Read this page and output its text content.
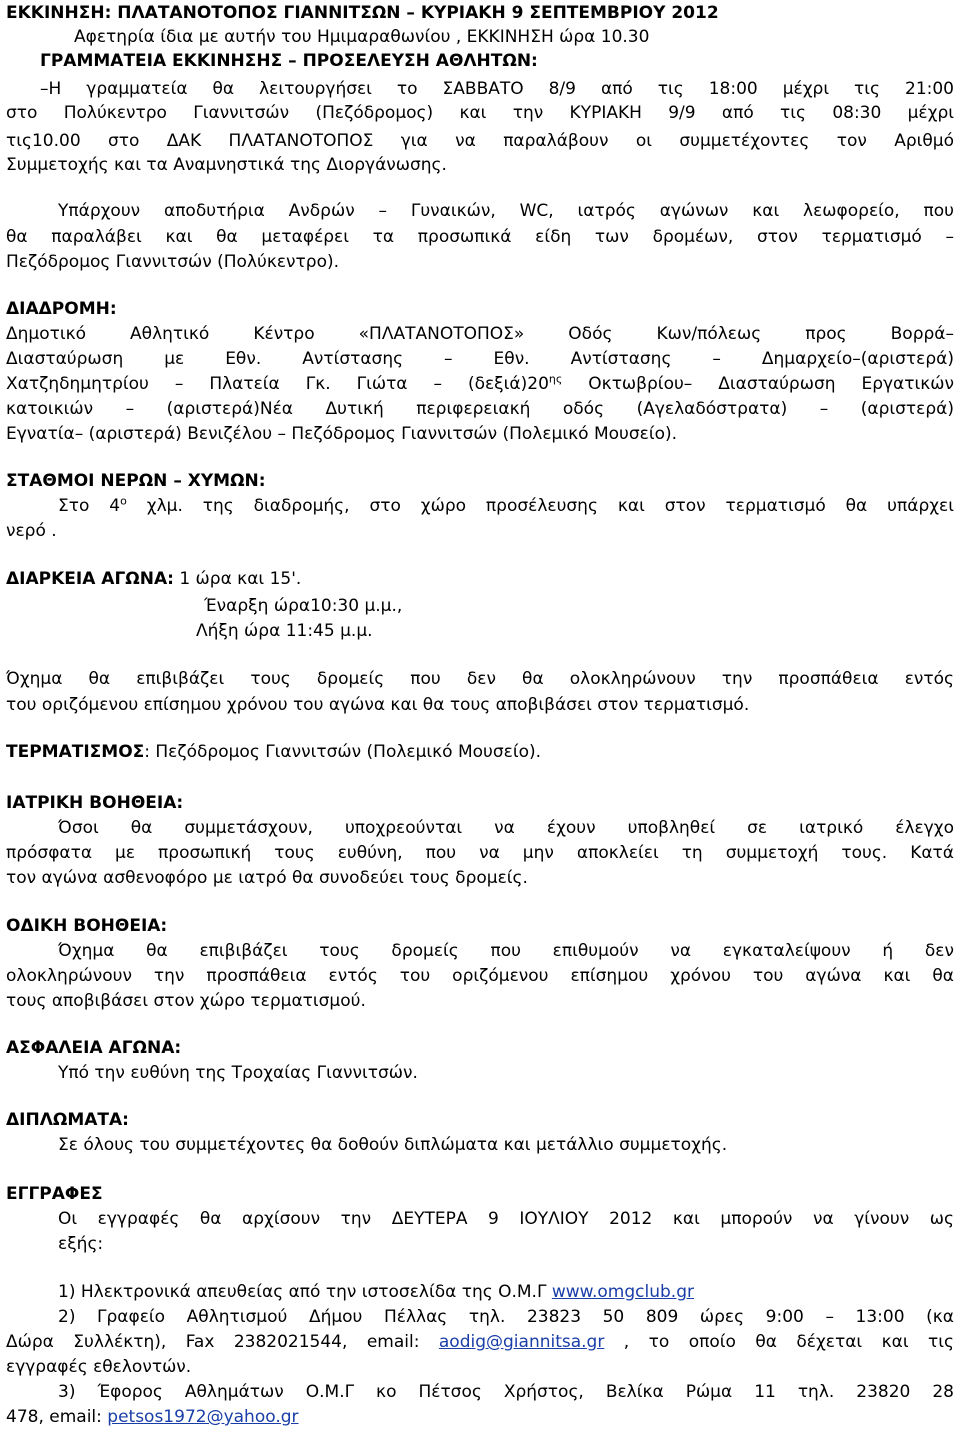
ΕΚΚΙΝΗΣΗ: ΠΛΑΤΑΝΟΤΟΠΟΣ ΓΙΑΝΝΙΤΣΩΝ – ΚΥΡΙΑΚΗ 9 ΣΕΠΤΕΜΒΡΙΟΥ 2012
Αφετηρία ίδια με αυτήν του Ημιμαραθωνίου , ΕΚΚΙΝΗΣΗ ώρα 10.30
ΓΡΑΜΜΑΤΕΙΑ ΕΚΚΙΝΗΣΗΣ – ΠΡΟΣΕΛΕΥΣΗ ΑΘΛΗΤΩΝ:
–Η γραμματεία θα λειτουργήσει το ΣΑΒΒΑΤΟ 8/9 από τις 18:00 μέχρι τις 21:00
στο Πολύκεντρο Γιαννιτσών (Πεζόδρομος) και την ΚΥΡΙΑΚΗ 9/9 από τις 08:30 μέχρι
τις10.00 στο ΔΑΚ ΠΛΑΤΑΝΟΤΟΠΟΣ για να παραλάβουν οι συμμετέχοντες τον Αριθμό
Συμμετοχής και τα Αναμνηστικά της Διοργάνωσης.
Υπάρχουν αποδυτήρια Ανδρών – Γυναικών, WC, ιατρός αγώνων και λεωφορείο, που
θα παραλάβει και θα μεταφέρει τα προσωπικά είδη των δρομέων, στον τερματισμό –
Πεζόδρομος Γιαννιτσών (Πολύκεντρο).
ΔΙΑΔΡΟΜΗ:
Δημοτικό Αθλητικό Κέντρο «ΠΛΑΤΑΝΟΤΟΠΟΣ» Οδός Κων/πόλεως προς Βορρά–
Διασταύρωση με Εθν. Αντίστασης – Εθν. Αντίστασης – Δημαρχείο–(αριστερά)
Χατζηδημητρίου – Πλατεία Γκ. Γιώτα – $(\delta\varepsilon\xi\iota ά)20^{\eta\varsigma}$ Οκτωβρίου– Διασταύρωση Εργατικών
κατοικιών – (αριστερά)Νέα Δυτική περιφερειακή οδός (Αγελαδόστρατα) – (αριστερά)
Εγνατία– (αριστερά) Βενιζέλου – Πεζόδρομος Γιαννιτσών (Πολεμικό Μουσείο).
ΣΤΑΘΜΟΙ ΝΕΡΩΝ – ΧΥΜΩΝ:
Στο $4^o$ χλμ. της διαδρομής, στο χώρο προσέλευσης και στον τερματισμό θα υπάρχει
νερό .
ΔΙΑΡΚΕΙΑ ΑΓΩΝΑ: 1 ώρα και 15'.
Έναρξη ώρα10:30 μ.μ.,
Λήξη ώρα 11:45 μ.μ.
Όχημα θα επιβιβάζει τους δρομείς που δεν θα ολοκληρώνουν την προσπάθεια εντός
του οριζόμενου επίσημου χρόνου του αγώνα και θα τους αποβιβάσει στον τερματισμό.
ΤΕΡΜΑΤΙΣΜΟΣ: Πεζόδρομος Γιαννιτσών (Πολεμικό Μουσείο).
ΙΑΤΡΙΚΗ ΒΟΗΘΕΙΑ:
Όσοι θα συμμετάσχουν, υποχρεούνται να έχουν υποβληθεί σε ιατρικό έλεγχο
πρόσφατα με προσωπική τους ευθύνη, που να μην αποκλείει τη συμμετοχή τους. Κατά
τον αγώνα ασθενοφόρο με ιατρό θα συνοδεύει τους δρομείς.
ΟΔΙΚΗ ΒΟΗΘΕΙΑ:
Όχημα θα επιβιβάζει τους δρομείς που επιθυμούν να εγκαταλείψουν ή δεν
ολοκληρώνουν την προσπάθεια εντός του οριζόμενου επίσημου χρόνου του αγώνα και θα
τους αποβιβάσει στον χώρο τερματισμού.
ΑΣΦΑΛΕΙΑ ΑΓΩΝΑ:
Υπό την ευθύνη της Τροχαίας Γιαννιτσών.
ΔΙΠΛΩΜΑΤΑ:
Σε όλους του συμμετέχοντες θα δοθούν διπλώματα και μετάλλιο συμμετοχής.
ΕΓΓΡΑΦΕΣ
Οι εγγραφές θα αρχίσουν την ΔΕΥΤΕΡΑ 9 ΙΟΥΛΙΟΥ 2012 και μπορούν να γίνουν ως
εξής:
1) Ηλεκτρονικά απευθείας από την ιστοσελίδα της Ο.Μ.Γ www.omgclub.gr
2) Γραφείο Αθλητισμού Δήμου Πέλλας τηλ. 23823 50 809 ώρες 9:00 – 13:00 (κα
Δώρα Συλλέκτη), Fax 2382021544, email: aodig@giannitsa.gr , το οποίο θα δέχεται και τις
εγγραφές εθελοντών.
3) Έφορος Αθλημάτων Ο.Μ.Γ κο Πέτσος Χρήστος, Βελίκα Ρώμα 11 τηλ. 23820 28
478, email: petsos1972@yahoo.gr
